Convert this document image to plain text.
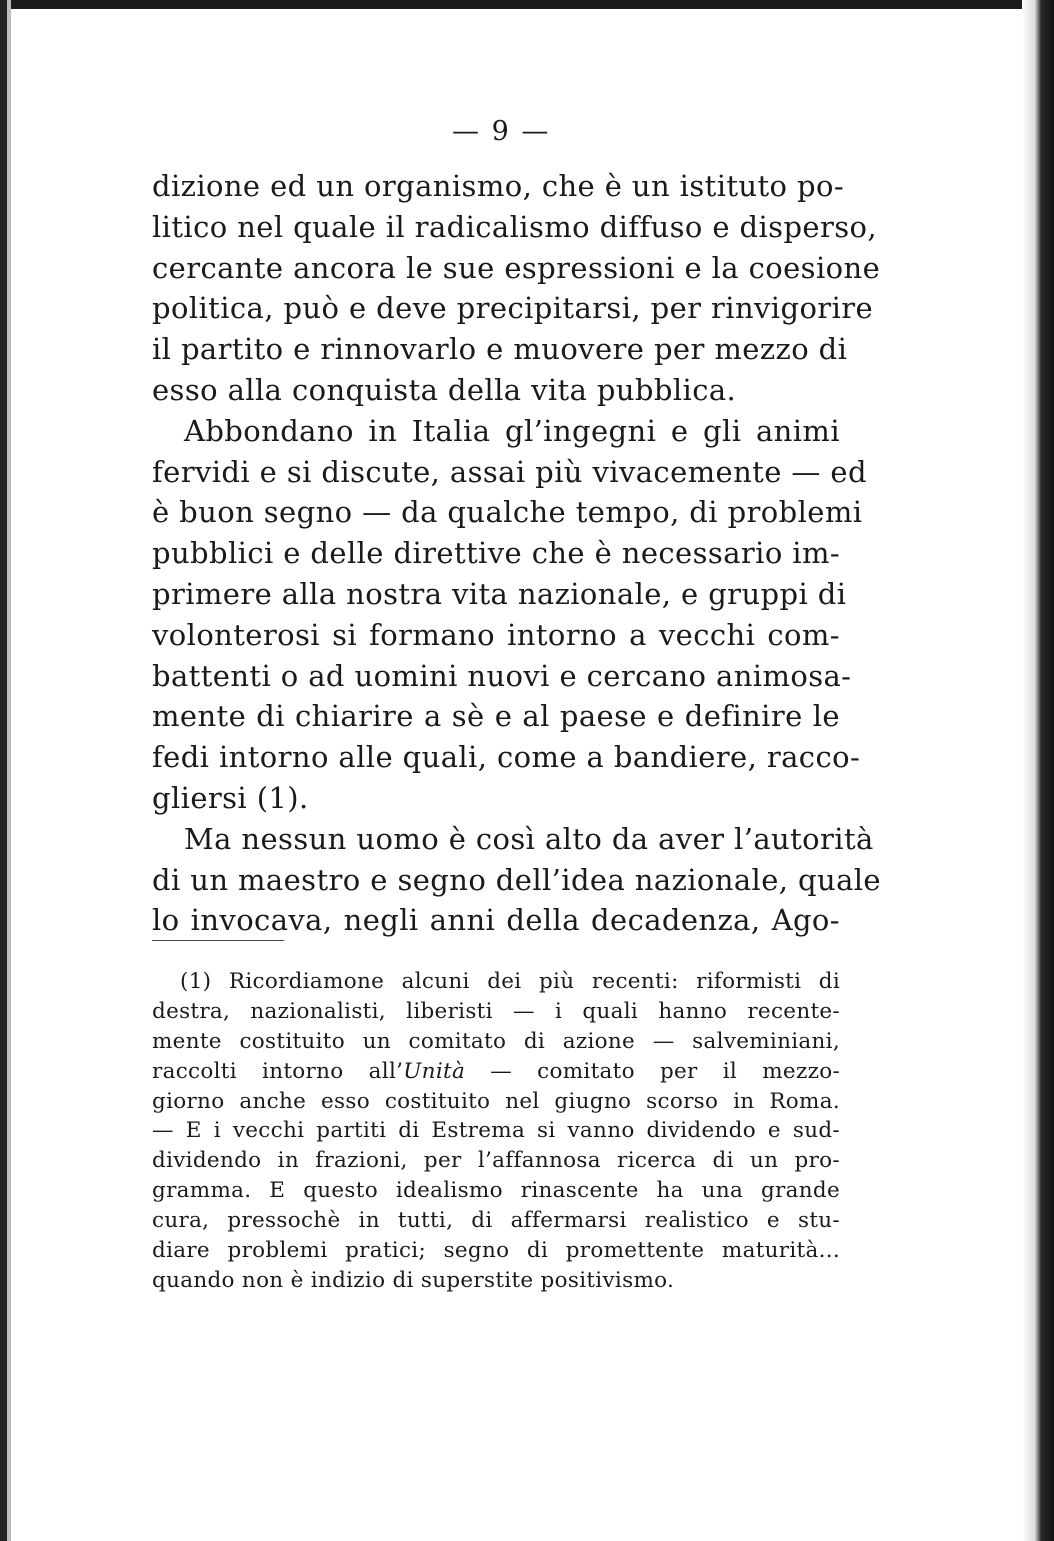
— 9 —
dizione ed un organismo, che è un istituto po-
litico nel quale il radicalismo diffuso e disperso,
cercante ancora le sue espressioni e la coesione
politica, può e deve precipitarsi, per rinvigorire
il partito e rinnovarlo e muovere per mezzo di
esso alla conquista della vita pubblica.
Abbondano in Italia gl’ingegni e gli animi
fervidi e si discute, assai più vivacemente — ed
è buon segno — da qualche tempo, di problemi
pubblici e delle direttive che è necessario im-
primere alla nostra vita nazionale, e gruppi di
volonterosi si formano intorno a vecchi com-
battenti o ad uomini nuovi e cercano animosa-
mente di chiarire a sè e al paese e definire le
fedi intorno alle quali, come a bandiere, racco-
gliersi (1).
Ma nessun uomo è così alto da aver l’autorità
di un maestro e segno dell’idea nazionale, quale
lo invocava, negli anni della decadenza, Ago-
(1) Ricordiamone alcuni dei più recenti: riformisti di
destra, nazionalisti, liberisti — i quali hanno recente-
mente costituito un comitato di azione — salveminiani,
raccolti intorno all’Unità — comitato per il mezzo-
giorno anche esso costituito nel giugno scorso in Roma.
— E i vecchi partiti di Estrema si vanno dividendo e sud-
dividendo in frazioni, per l’affannosa ricerca di un pro-
gramma. E questo idealismo rinascente ha una grande
cura, pressochè in tutti, di affermarsi realistico e stu-
diare problemi pratici; segno di promettente maturità...
quando non è indizio di superstite positivismo.
